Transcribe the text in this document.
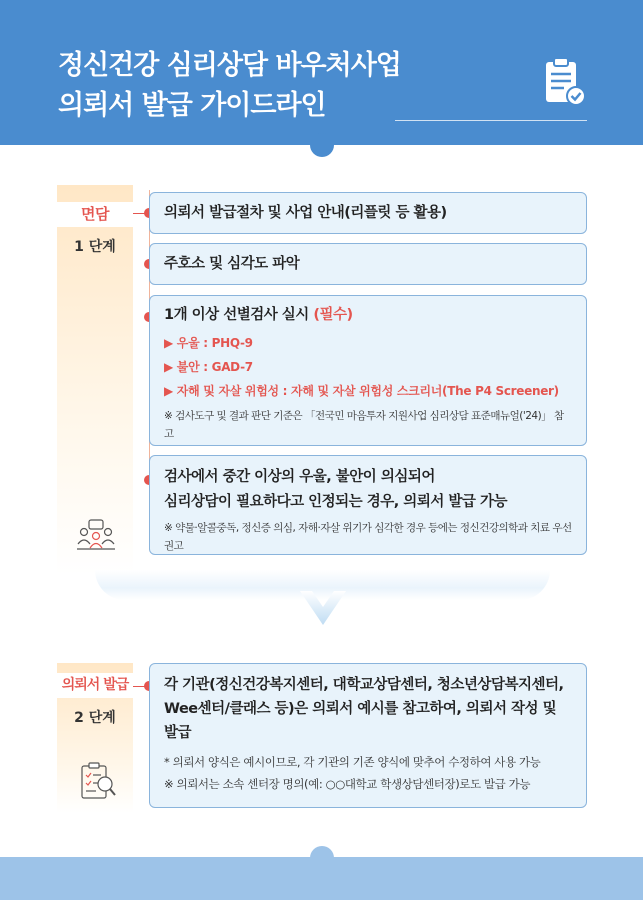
정신건강 심리상담 바우처사업
의뢰서 발급 가이드라인
면담
1 단계
의뢰서 발급절차 및 사업 안내(리플릿 등 활용)
주호소 및 심각도 파악
1개 이상 선별검사 실시 (필수)
▶ 우울 : PHQ-9
▶ 불안 : GAD-7
▶ 자해 및 자살 위험성 : 자해 및 자살 위험성 스크리너(The P4 Screener)
※ 검사도구 및 결과 판단 기준은 「전국민 마음투자 지원사업 심리상담 표준매뉴얼('24)」 참고
검사에서 중간 이상의 우울, 불안이 의심되어
심리상담이 필요하다고 인정되는 경우, 의뢰서 발급 가능
※ 약물·알콜중독, 정신증 의심, 자해·자살 위기가 심각한 경우 등에는 정신건강의학과 치료 우선 권고
의뢰서 발급
2 단계
각 기관(정신건강복지센터, 대학교상담센터, 청소년상담복지센터,
Wee센터/클래스 등)은 의뢰서 예시를 참고하여, 의뢰서 작성 및
발급
* 의뢰서 양식은 예시이므로, 각 기관의 기존 양식에 맞추어 수정하여 사용 가능
※ 의뢰서는 소속 센터장 명의(예: ○○대학교 학생상담센터장)로도 발급 가능
